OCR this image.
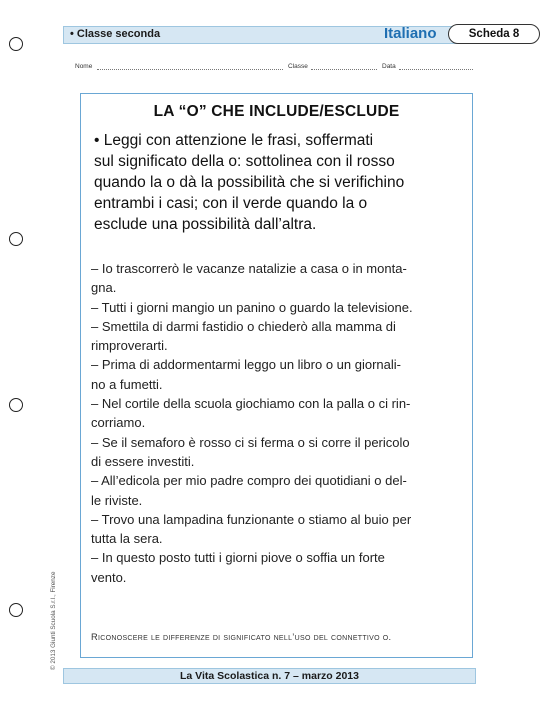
• Classe seconda	Italiano	Scheda 8
Nome	Classe	Data
© 2013 Giunti Scuola S.r.l., Firenze
LA “O” CHE INCLUDE/ESCLUDE
• Leggi con attenzione le frasi, soffermati
sul significato della o: sottolinea con il rosso
quando la o dà la possibilità che si verifichino
entrambi i casi; con il verde quando la o
esclude una possibilità dall’altra.
– Io trascorrerò le vacanze natalizie a casa o in monta-
gna.
– Tutti i giorni mangio un panino o guardo la televisione.
– Smettila di darmi fastidio o chiederò alla mamma di
rimproverarti.
– Prima di addormentarmi leggo un libro o un giornali-
no a fumetti.
– Nel cortile della scuola giochiamo con la palla o ci rin-
corriamo.
– Se il semaforo è rosso ci si ferma o si corre il pericolo
di essere investiti.
– All’edicola per mio padre compro dei quotidiani o del-
le riviste.
– Trovo una lampadina funzionante o stiamo al buio per
tutta la sera.
– In questo posto tutti i giorni piove o soffia un forte
vento.
Riconoscere le differenze di significato nell’uso del connettivo o.
La Vita Scolastica n. 7 – marzo 2013
